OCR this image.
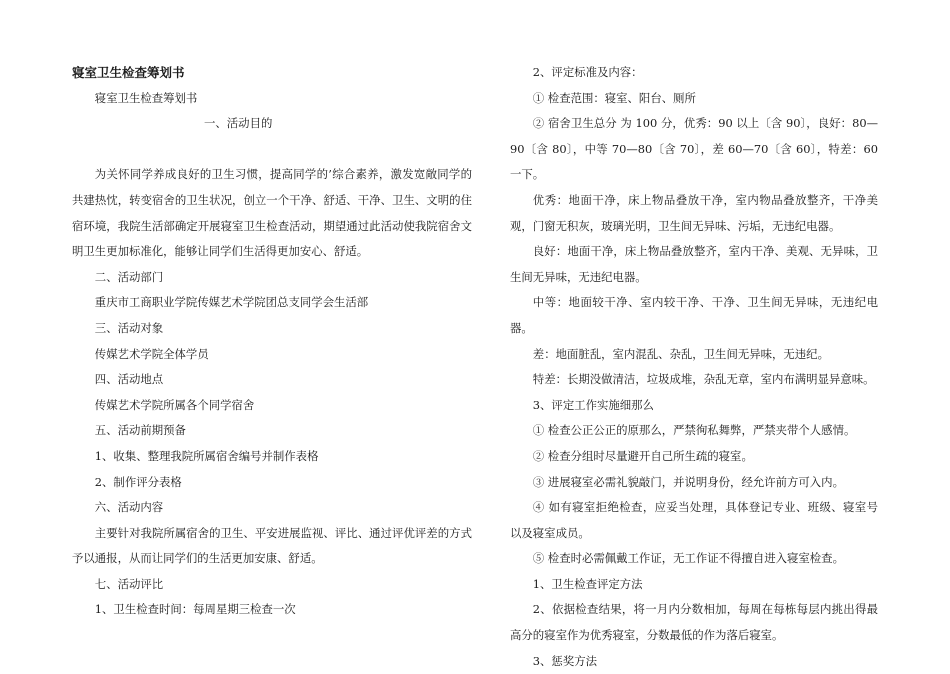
寝室卫生检查筹划书

寝室卫生检查筹划书

一、活动目的

为关怀同学养成良好的卫生习惯，提高同学的’综合素养，激发宽敞同学的共建热忱，转变宿舍的卫生状况，创立一个干净、舒适、干净、卫生、文明的住宿环境，我院生活部确定开展寝室卫生检查活动，期望通过此活动使我院宿舍文明卫生更加标准化，能够让同学们生活得更加安心、舒适。

二、活动部门

重庆市工商职业学院传媒艺术学院团总支同学会生活部

三、活动对象

传媒艺术学院全体学员

四、活动地点

传媒艺术学院所属各个同学宿舍

五、活动前期预备

1、收集、整理我院所属宿舍编号并制作表格

2、制作评分表格

六、活动内容

主要针对我院所属宿舍的卫生、平安进展监视、评比、通过评优评差的方式予以通报，从而让同学们的生活更加安康、舒适。

七、活动评比

1、卫生检查时间：每周星期三检查一次

2、评定标准及内容：

① 检查范围：寝室、阳台、厕所

② 宿舍卫生总分 为 100 分，优秀：90 以上〔含 90〕，良好：80—90〔含 80〕，中等 70—80〔含 70〕，差 60—70〔含 60〕，特差：60 一下。

优秀：地面干净，床上物品叠放干净，室内物品叠放整齐，干净美观，门窗无积灰，玻璃光明，卫生间无异味、污垢，无违纪电器。

良好：地面干净，床上物品叠放整齐，室内干净、美观、无异味，卫生间无异味，无违纪电器。

中等：地面较干净、室内较干净、干净、卫生间无异味，无违纪电器。

差：地面脏乱，室内混乱、杂乱，卫生间无异味，无违纪。

特差：长期没做清洁，垃圾成堆，杂乱无章，室内布满明显异意味。

3、评定工作实施细那么

① 检查公正公正的原那么，严禁徇私舞弊，严禁夹带个人感情。

② 检查分组时尽量避开自己所生疏的寝室。

③ 进展寝室必需礼貌敲门，并说明身份，经允许前方可入内。

④ 如有寝室拒绝检查，应妥当处理，具体登记专业、班级、寝室号以及寝室成员。

⑤ 检查时必需佩戴工作证，无工作证不得擅自进入寝室检查。

1、卫生检查评定方法

2、依据检查结果，将一月内分数相加，每周在每栋每层内挑出得最高分的寝室作为优秀寝室，分数最低的作为落后寝室。

3、惩奖方法
